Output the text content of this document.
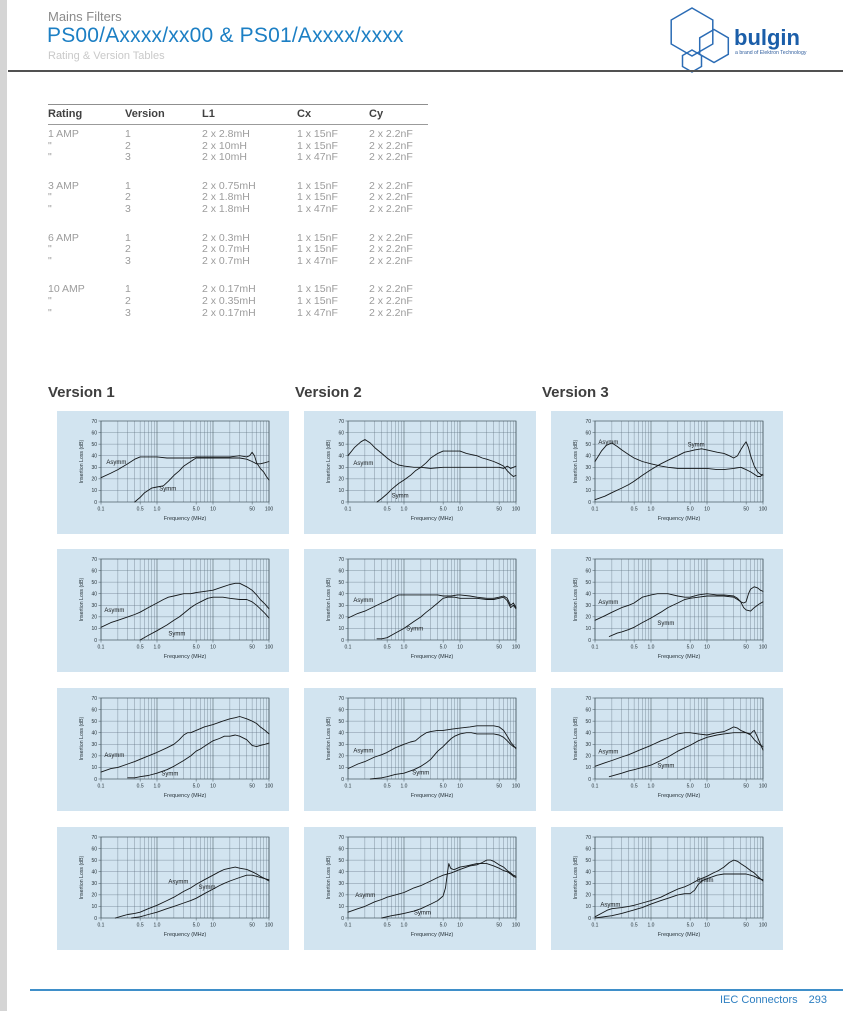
Mains Filters
PS00/Axxxx/xx00 & PS01/Axxxx/xxxx
Rating & Version Tables
bulgin
a brand of Elektron Technology
Rating	Version	L1	Cx	Cy
1 AMP	1	2 x 2.8mH	1 x 15nF	2 x 2.2nF
"	2	2 x 10mH	1 x 15nF	2 x 2.2nF
"	3	2 x 10mH	1 x 47nF	2 x 2.2nF

3 AMP	1	2 x 0.75mH	1 x 15nF	2 x 2.2nF
"	2	2 x 1.8mH	1 x 15nF	2 x 2.2nF
"	3	2 x 1.8mH	1 x 47nF	2 x 2.2nF

6 AMP	1	2 x 0.3mH	1 x 15nF	2 x 2.2nF
"	2	2 x 0.7mH	1 x 15nF	2 x 2.2nF
"	3	2 x 0.7mH	1 x 47nF	2 x 2.2nF

10 AMP	1	2 x 0.17mH	1 x 15nF	2 x 2.2nF
"	2	2 x 0.35mH	1 x 15nF	2 x 2.2nF
"	3	2 x 0.17mH	1 x 47nF	2 x 2.2nF
Version 1	Version 2	Version 3
0.1	0.5 1.0	5.0 10	50 100
0
10
20
30
40
50
60
70
Insertion Loss (dB)
Frequency (MHz)
Asymm
Symm
0.1	0.5 1.0	5.0 10	50 100
0
10
20
30
40
50
60
70
Insertion Loss (dB)
Frequency (MHz)
Asymm
Symm
0.1	0.5 1.0	5.0 10	50 100
0
10
20
30
40
50
60
70
Insertion Loss (dB)
Frequency (MHz)
Asymm
Symm
0.1	0.5 1.0	5.0 10	50 100
0
10
20
30
40
50
60
70
Insertion Loss (dB)
Frequency (MHz)
Asymm
Symm
0.1	0.5 1.0	5.0 10	50 100
0
10
20
30
40
50
60
70
Insertion Loss (dB)
Frequency (MHz)
Asymm
Symm
0.1	0.5 1.0	5.0 10	50 100
0
10
20
30
40
50
60
70
Insertion Loss (dB)
Frequency (MHz)
Asymm
Symm
0.1	0.5 1.0	5.0 10	50 100
0
10
20
30
40
50
60
70
Insertion Loss (dB)
Frequency (MHz)
Asymm
Symm
0.1	0.5 1.0	5.0 10	50 100
0
10
20
30
40
50
60
70
Insertion Loss (dB)
Frequency (MHz)
Asymm
Symm
0.1	0.5 1.0	5.0 10	50 100
0
10
20
30
40
50
60
70
Insertion Loss (dB)
Frequency (MHz)
Asymm	Symm
0.1	0.5 1.0	5.0 10	50 100
0
10
20
30
40
50
60
70
Insertion Loss (dB)
Frequency (MHz)
Asymm
Symm
0.1	0.5 1.0	5.0 10	50 100
0
10
20
30
40
50
60
70
Insertion Loss (dB)
Frequency (MHz)
Asymm
Symm
0.1	0.5 1.0	5.0 10	50 100
0
10
20
30
40
50
60
70
Insertion Loss (dB)
Frequency (MHz)
Asymm
Symm
IEC Connectors 293
